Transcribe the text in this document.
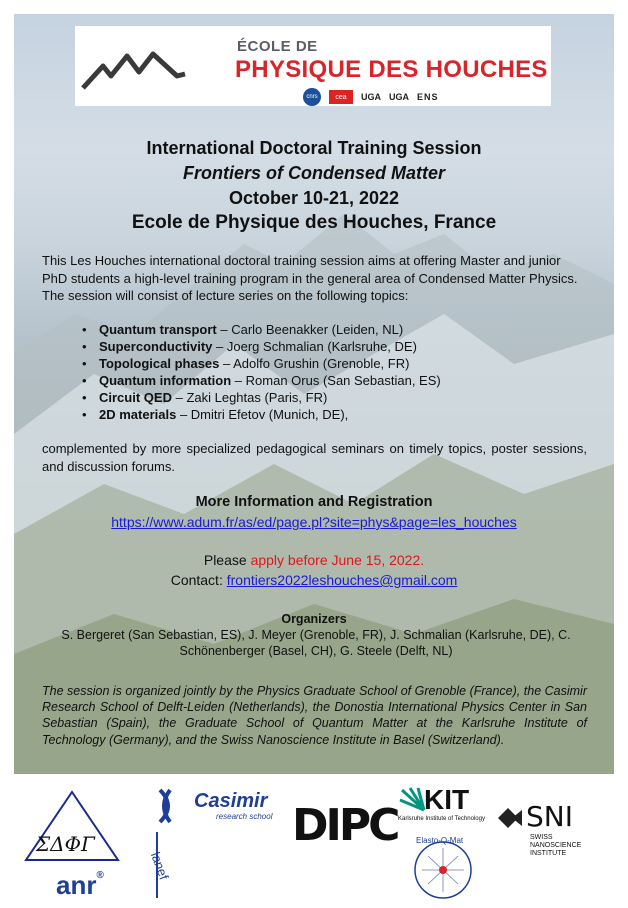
ÉCOLE DE
PHYSIQUE DES HOUCHES
cnrs	cea	UGA UGA ENS
International Doctoral Training Session
Frontiers of Condensed Matter
October 10-21, 2022
Ecole de Physique des Houches, France
This Les Houches international doctoral training session aims at offering Master and junior PhD students a high-level training program in the general area of Condensed Matter Physics. The session will consist of lecture series on the following topics:
• Quantum transport – Carlo Beenakker (Leiden, NL)
• Superconductivity – Joerg Schmalian (Karlsruhe, DE)
• Topological phases – Adolfo Grushin (Grenoble, FR)
• Quantum information – Roman Orus (San Sebastian, ES)
• Circuit QED – Zaki Leghtas (Paris, FR)
• 2D materials – Dmitri Efetov (Munich, DE),
complemented by more specialized pedagogical seminars on timely topics, poster sessions, and discussion forums.
More Information and Registration
https://www.adum.fr/as/ed/page.pl?site=phys&page=les_houches
Please apply before June 15, 2022.
Contact: frontiers2022leshouches@gmail.com
Organizers
S. Bergeret (San Sebastian, ES), J. Meyer (Grenoble, FR), J. Schmalian (Karlsruhe, DE), C. Schönenberger (Basel, CH), G. Steele (Delft, NL)
The session is organized jointly by the Physics Graduate School of Grenoble (France), the Casimir Research School of Delft-Leiden (Netherlands), the Donostia International Physics Center in San Sebastian (Spain), the Graduate School of Quantum Matter at the Karlsruhe Institute of Technology (Germany), and the Swiss Nanoscience Institute in Basel (Switzerland).
ΣΔΦΓ
anr®
Casimir
research school
lanef
DIPC
KIT
Karlsruhe Institute of Technology
Elasto-Q-Mat
SNI
SWISS
NANOSCIENCE
INSTITUTE
